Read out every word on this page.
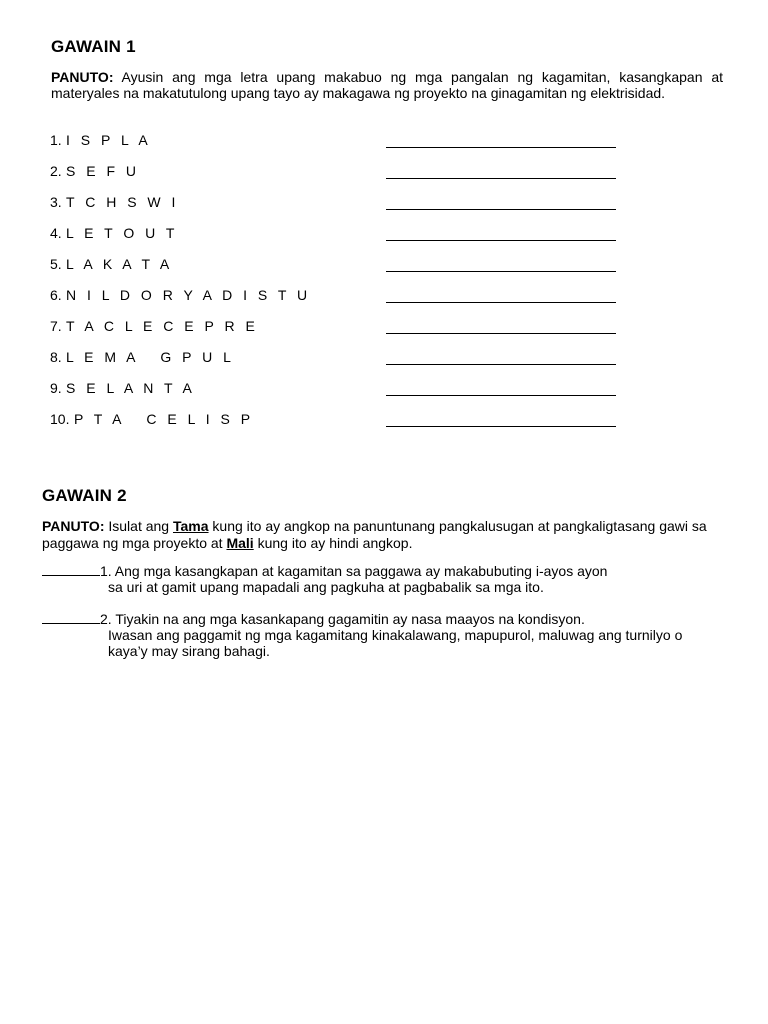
GAWAIN 1
PANUTO: Ayusin ang mga letra upang makabuo ng mga pangalan ng kagamitan, kasangkapan at materyales na makatutulong upang tayo ay makagawa ng proyekto na ginagamitan ng elektrisidad.
1. I S P L A
2. S E F U
3. T C H S W I
4. L E T O U T
5. L A K A T A
6. N I L D O R Y A D I S T U
7. T A C L E C E P R E
8. L E M A   G P U L
9. S E L A N T A
10. P T A   C E L I S P
GAWAIN 2
PANUTO: Isulat ang Tama kung ito ay angkop na panuntunang pangkalusugan at pangkaligtasang gawi sa paggawa ng mga proyekto at Mali kung ito ay hindi angkop.
1. Ang mga kasangkapan at kagamitan sa paggawa ay makabubuting i-ayos ayon
sa uri at gamit upang mapadali ang pagkuha at pagbabalik sa mga ito.
2. Tiyakin na ang mga kasankapang gagamitin ay nasa maayos na kondisyon.
Iwasan ang paggamit ng mga kagamitang kinakalawang, mapupurol, maluwag ang turnilyo o
kaya’y may sirang bahagi.
